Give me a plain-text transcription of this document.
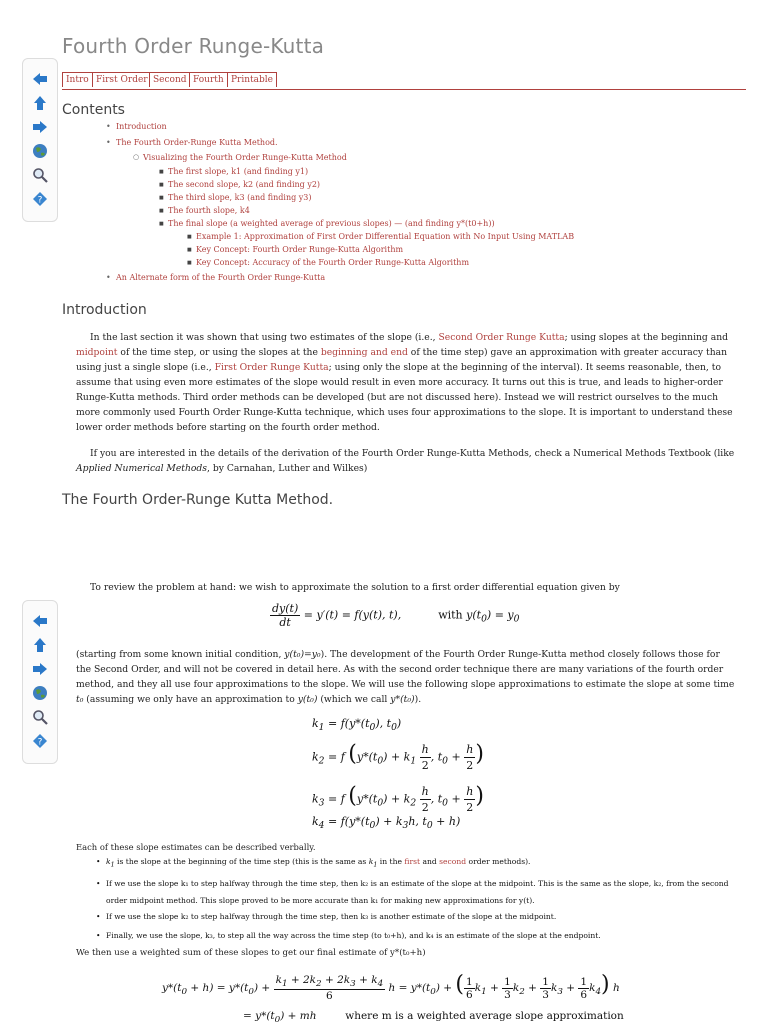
?
?
Fourth Order Runge-Kutta
Intro First Order Second Fourth Printable
Contents
• Introduction
• The Fourth Order-Runge Kutta Method.
○ Visualizing the Fourth Order Runge-Kutta Method
■ The first slope, k1 (and finding y1)
■ The second slope, k2 (and finding y2)
■ The third slope, k3 (and finding y3)
■ The fourth slope, k4
■ The final slope (a weighted average of previous slopes) — (and finding y*(t0+h))
■ Example 1: Approximation of First Order Differential Equation with No Input Using MATLAB
■ Key Concept: Fourth Order Runge-Kutta Algorithm
■ Key Concept: Accuracy of the Fourth Order Runge-Kutta Algorithm
• An Alternate form of the Fourth Order Runge-Kutta
Introduction
In the last section it was shown that using two estimates of the slope (i.e., Second Order Runge Kutta; using slopes at the beginning and
midpoint of the time step, or using the slopes at the beginning and end of the time step) gave an approximation with greater accuracy than
using just a single slope (i.e., First Order Runge Kutta; using only the slope at the beginning of the interval). It seems reasonable, then, to
assume that using even more estimates of the slope would result in even more accuracy. It turns out this is true, and leads to higher-order
Runge-Kutta methods. Third order methods can be developed (but are not discussed here). Instead we will restrict ourselves to the much
more commonly used Fourth Order Runge-Kutta technique, which uses four approximations to the slope. It is important to understand these
lower order methods before starting on the fourth order method.
If you are interested in the details of the derivation of the Fourth Order Runge-Kutta Methods, check a Numerical Methods Textbook (like
Applied Numerical Methods, by Carnahan, Luther and Wilkes)
The Fourth Order-Runge Kutta Method.
To review the problem at hand: we wish to approximate the solution to a first order differential equation given by
$\frac{dy(t)}{dt} = y'(t) = f(y(t)$, t),	with $y(t_0) = y_0$
(starting from some known initial condition, y(t₀)=y₀). The development of the Fourth Order Runge-Kutta method closely follows those for
the Second Order, and will not be covered in detail here. As with the second order technique there are many variations of the fourth order
method, and they all use four approximations to the slope. We will use the following slope approximations to estimate the slope at some time
t₀ (assuming we only have an approximation to y(t₀) (which we call y*(t₀)).
$k_1 = f(y*(t_0)$, $t_0$)
$k_2 = f$ ($y*(t_0) + k_1 \frac{h}{2}$ , $t_0 + \frac{h}{2}$ )
$k_3 = f$ ($y*(t_0) + k_2 \frac{h}{2}$ , $t_0 + \frac{h}{2}$ )
$k_4 = f(y*(t_0) + k_3h$, $t_0 + h$)
Each of these slope estimates can be described verbally.
• $k_1$ is the slope at the beginning of the time step (this is the same as $k_1$ in the first and second order methods).
• If we use the slope k₁ to step halfway through the time step, then k₂ is an estimate of the slope at the midpoint. This is the same as the slope, k₂, from the second
order midpoint method. This slope proved to be more accurate than k₁ for making new approximations for y(t).
• If we use the slope k₂ to step halfway through the time step, then k₃ is another estimate of the slope at the midpoint.
• Finally, we use the slope, k₃, to step all the way across the time step (to t₀+h), and k₄ is an estimate of the slope at the endpoint.
We then use a weighted sum of these slopes to get our final estimate of y*(t₀+h)
$y*(t_0 + h) = y*(t_0) + \frac{k_1 + 2k_2 + 2k_3 + k_4}{6}$ $h = y*(t_0)$ + ( $\frac{1}{6} k_1 + \frac{1}{3} k_2 + \frac{1}{3} k_3 + \frac{1}{6} k_4$) h
= $y*(t_0)$ + mh  where m is a weighted average slope approximation
